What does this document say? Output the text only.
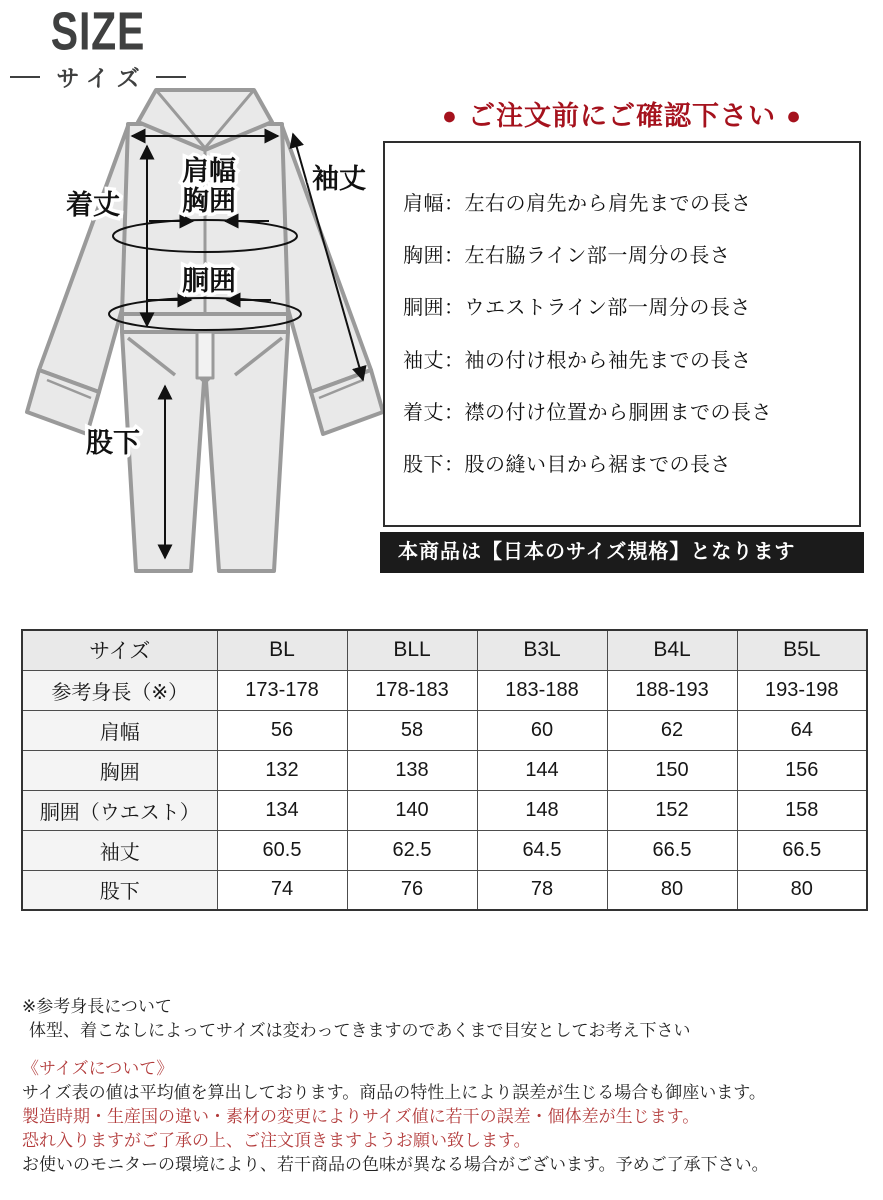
SIZE
サイズ
肩幅
着丈
袖丈
胸囲
胴囲
股下
● ご注文前にご確認下さい ●
肩幅：左右の肩先から肩先までの長さ
胸囲：左右脇ライン部一周分の長さ
胴囲：ウエストライン部一周分の長さ
袖丈：袖の付け根から袖先までの長さ
着丈：襟の付け位置から胴囲までの長さ
股下：股の縫い目から裾までの長さ
本商品は【日本のサイズ規格】となります
サイズ	BL	BLL	B3L	B4L	B5L
参考身長（※）	173-178	178-183	183-188	188-193	193-198
肩幅	56	58	60	62	64
胸囲	132	138	144	150	156
胴囲（ウエスト）	134	140	148	152	158
袖丈	60.5	62.5	64.5	66.5	66.5
股下	74	76	78	80	80
※参考身長について
体型、着こなしによってサイズは変わってきますのであくまで目安としてお考え下さい
《サイズについて》
サイズ表の値は平均値を算出しております。商品の特性上により誤差が生じる場合も御座います。
製造時期・生産国の違い・素材の変更によりサイズ値に若干の誤差・個体差が生じます。
恐れ入りますがご了承の上、ご注文頂きますようお願い致します。
お使いのモニターの環境により、若干商品の色味が異なる場合がございます。予めご了承下さい。
